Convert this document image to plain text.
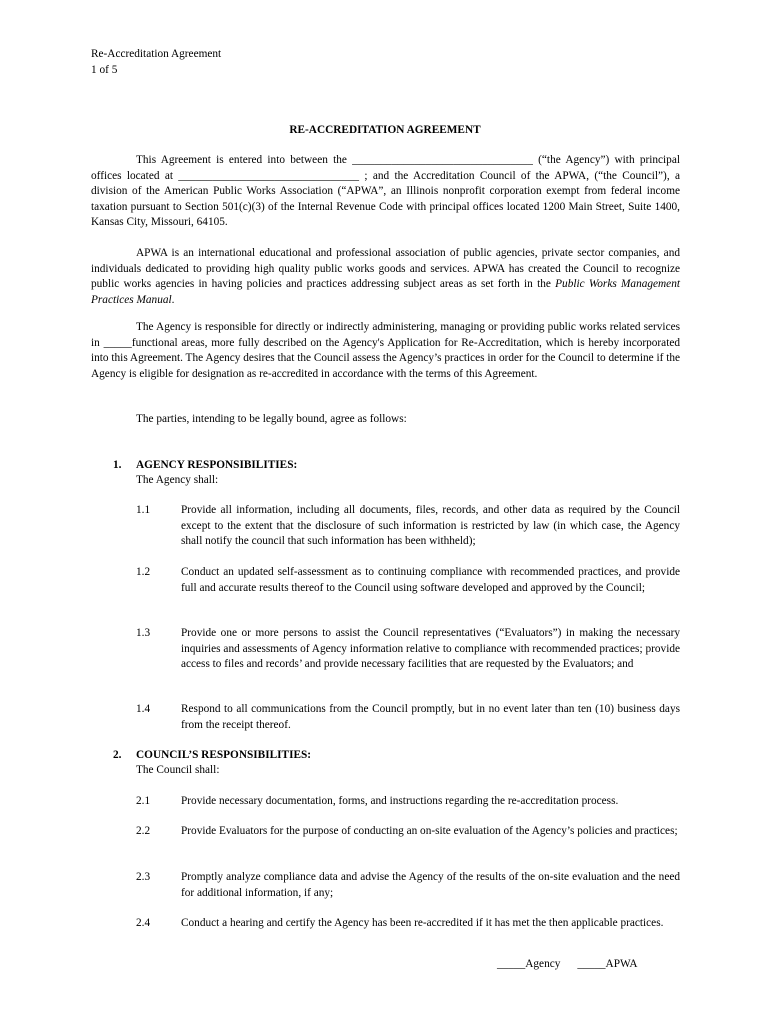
Re-Accreditation Agreement
1 of 5
RE-ACCREDITATION AGREEMENT
This Agreement is entered into between the ________________________________ (“the Agency”) with principal offices located at ________________________________ ; and the Accreditation Council of the APWA, (“the Council”), a division of the American Public Works Association (“APWA”, an Illinois nonprofit corporation exempt from federal income taxation pursuant to Section 501(c)(3) of the Internal Revenue Code with principal offices located 1200 Main Street, Suite 1400, Kansas City, Missouri, 64105.
APWA is an international educational and professional association of public agencies, private sector companies, and individuals dedicated to providing high quality public works goods and services. APWA has created the Council to recognize public works agencies in having policies and practices addressing subject areas as set forth in the Public Works Management Practices Manual.
The Agency is responsible for directly or indirectly administering, managing or providing public works related services in _____functional areas, more fully described on the Agency's Application for Re-Accreditation, which is hereby incorporated into this Agreement. The Agency desires that the Council assess the Agency’s practices in order for the Council to determine if the Agency is eligible for designation as re-accredited in accordance with the terms of this Agreement.
The parties, intending to be legally bound, agree as follows:
1. AGENCY RESPONSIBILITIES:
The Agency shall:
1.1	Provide all information, including all documents, files, records, and other data as required by the Council except to the extent that the disclosure of such information is restricted by law (in which case, the Agency shall notify the council that such information has been withheld);
1.2	Conduct an updated self-assessment as to continuing compliance with recommended practices, and provide full and accurate results thereof to the Council using software developed and approved by the Council;
1.3	Provide one or more persons to assist the Council representatives (“Evaluators”) in making the necessary inquiries and assessments of Agency information relative to compliance with recommended practices; provide access to files and records’ and provide necessary facilities that are requested by the Evaluators; and
1.4	Respond to all communications from the Council promptly, but in no event later than ten (10) business days from the receipt thereof.
2. COUNCIL’S RESPONSIBILITIES:
The Council shall:
2.1	Provide necessary documentation, forms, and instructions regarding the re-accreditation process.
2.2	Provide Evaluators for the purpose of conducting an on-site evaluation of the Agency’s policies and practices;
2.3	Promptly analyze compliance data and advise the Agency of the results of the on-site evaluation and the need for additional information, if any;
2.4	Conduct a hearing and certify the Agency has been re-accredited if it has met the then applicable practices.
_____Agency      _____APWA
